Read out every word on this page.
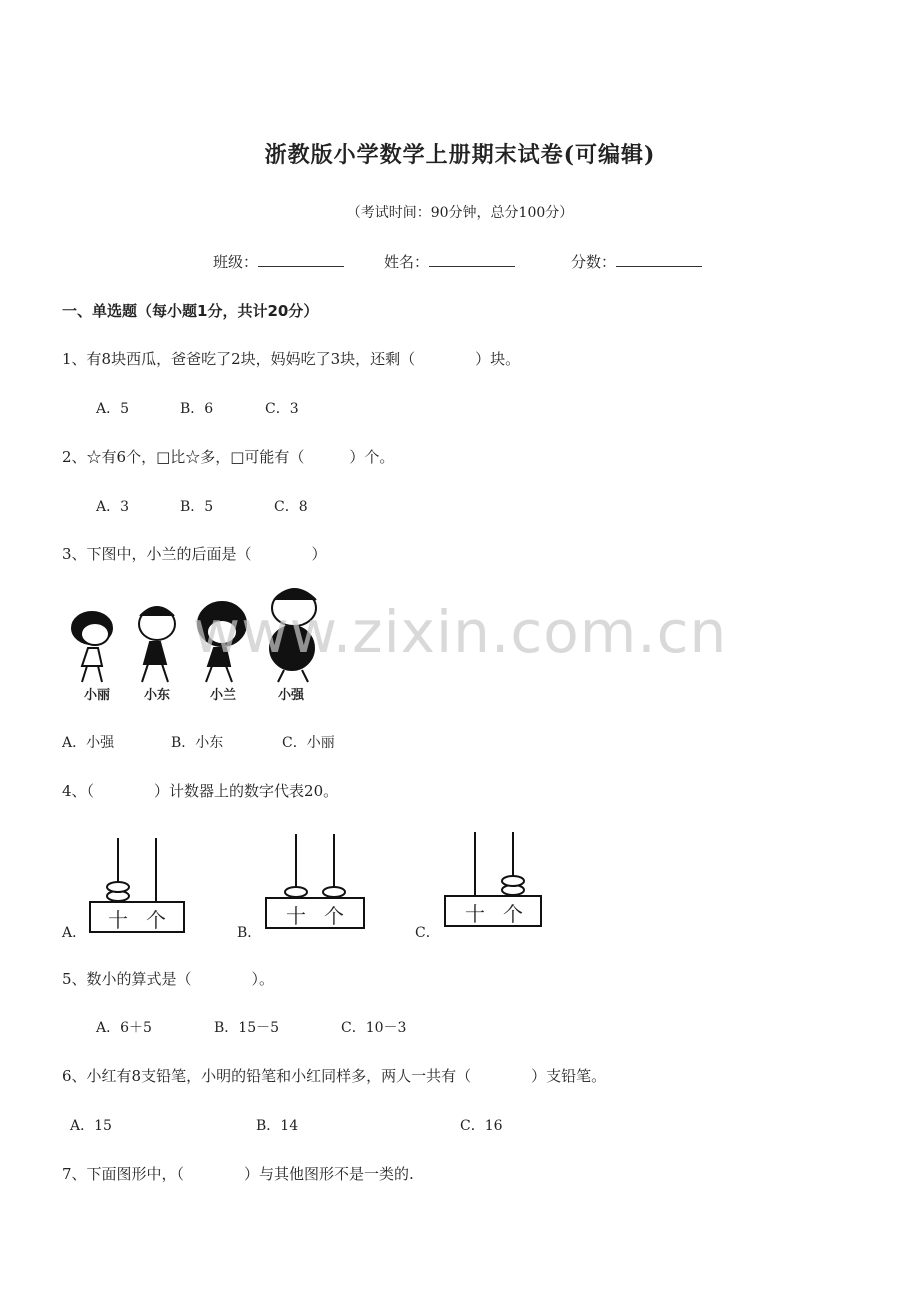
浙教版小学数学上册期末试卷(可编辑)
（考试时间：90分钟，总分100分）
班级：	姓名：	分数：
一、单选题（每小题1分，共计20分）
1、有8块西瓜，爸爸吃了2块，妈妈吃了3块，还剩（　　　　）块。
A．5	B．6	C．3
2、☆有6个，□比☆多，□可能有（　　　）个。
A．3	B．5	C．8
3、下图中，小兰的后面是（　　　　）
小丽	小东	小兰	小强
A．小强	B．小东	C．小丽
4、（　　　　）计数器上的数字代表20。
A．	B．	C．
十 个	十 个	十 个
5、数小的算式是（　　　　）。
A．6＋5	B．15－5	C．10－3
6、小红有8支铅笔，小明的铅笔和小红同样多，两人一共有（　　　　）支铅笔。
A．15	B．14	C．16
7、下面图形中，（　　　　）与其他图形不是一类的.
www.zixin.com.cn
